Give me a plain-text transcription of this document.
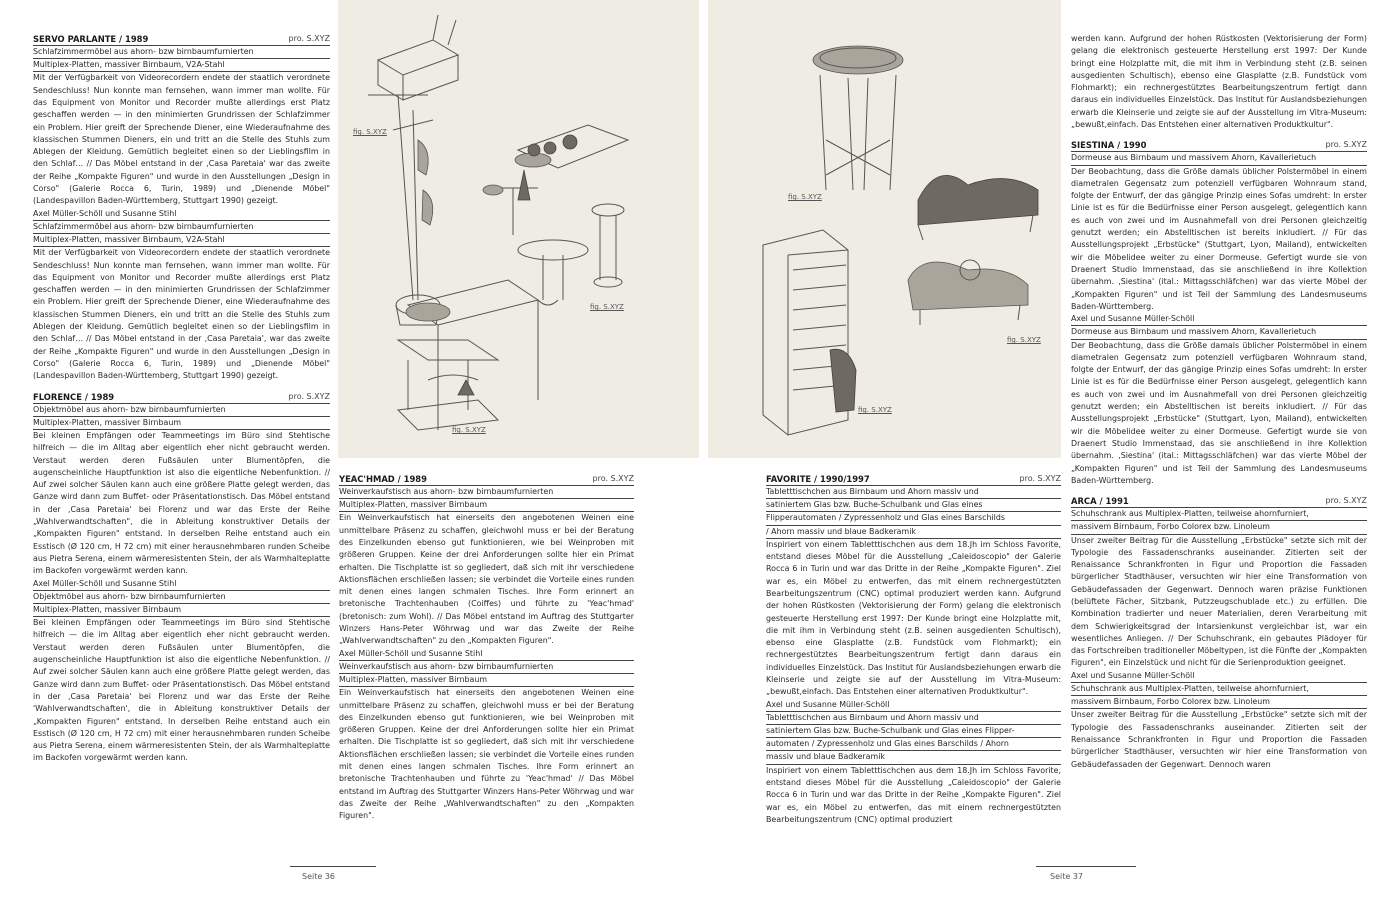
fig. S.XYZ
fig. S.XYZ
fig. S.XYZ
fig. S.XYZ
fig. S.XYZ
fig. S.XYZ
SERVO PARLANTE / 1989	pro. S.XYZ
Schlafzimmermöbel aus ahorn- bzw birnbaumfurnierten
Multiplex-Platten, massiver Birnbaum, V2A-Stahl

Mit der Verfügbarkeit von Videorecordern endete der staatlich verordnete Sendeschluss! Nun konnte man fernsehen, wann immer man wollte. Für das Equipment von Monitor und Recorder mußte allerdings erst Platz geschaffen werden — in den minimierten Grundrissen der Schlafzimmer ein Problem. Hier greift der Sprechende Diener, eine Wiederaufnahme des klassischen Stummen Dieners, ein und tritt an die Stelle des Stuhls zum Ablegen der Kleidung. Gemütlich begleitet einen so der Lieblingsfilm in den Schlaf… // Das Möbel entstand in der ,Casa Paretaia' war das zweite der Reihe „Kompakte Figuren" und wurde in den Ausstellungen „Design in Corso" (Galerie Rocca 6, Turin, 1989) und „Dienende Möbel" (Landespavillon Baden-Württemberg, Stuttgart 1990) gezeigt.

Axel Müller-Schöll und Susanne Stihl
Schlafzimmermöbel aus ahorn- bzw birnbaumfurnierten
Multiplex-Platten, massiver Birnbaum, V2A-Stahl

Mit der Verfügbarkeit von Videorecordern endete der staatlich verordnete Sendeschluss! Nun konnte man fernsehen, wann immer man wollte. Für das Equipment von Monitor und Recorder mußte allerdings erst Platz geschaffen werden — in den minimierten Grundrissen der Schlafzimmer ein Problem. Hier greift der Sprechende Diener, eine Wiederaufnahme des klassischen Stummen Dieners, ein und tritt an die Stelle des Stuhls zum Ablegen der Kleidung. Gemütlich begleitet einen so der Lieblingsfilm in den Schlaf… // Das Möbel entstand in der ,Casa Paretaia', war das zweite der Reihe „Kompakte Figuren" und wurde in den Ausstellungen „Design in Corso" (Galerie Rocca 6, Turin, 1989) und „Dienende Möbel" (Landespavillon Baden-Württemberg, Stuttgart 1990) gezeigt.

FLORENCE / 1989	pro. S.XYZ
Objektmöbel aus ahorn- bzw birnbaumfurnierten
Multiplex-Platten, massiver Birnbaum

Bei kleinen Empfängen oder Teammeetings im Büro sind Stehtische hilfreich — die im Alltag aber eigentlich eher nicht gebraucht werden. Verstaut werden deren Fußsäulen unter Blumentöpfen, die augenscheinliche Hauptfunktion ist also die eigentliche Nebenfunktion. // Auf zwei solcher Säulen kann auch eine größere Platte gelegt werden, das Ganze wird dann zum Buffet- oder Präsentationstisch. Das Möbel entstand in der ,Casa Paretaia' bei Florenz und war das Erste der Reihe „Wahlverwandtschaften", die in Ableitung konstruktiver Details der „Kompakten Figuren" entstand. In derselben Reihe entstand auch ein Esstisch (Ø 120 cm, H 72 cm) mit einer herausnehmbaren runden Scheibe aus Pietra Serena, einem wärmeresistenten Stein, der als Warmhalteplatte im Backofen vorgewärmt werden kann.

Axel Müller-Schöll und Susanne Stihl
Objektmöbel aus ahorn- bzw birnbaumfurnierten
Multiplex-Platten, massiver Birnbaum

Bei kleinen Empfängen oder Teammeetings im Büro sind Stehtische hilfreich — die im Alltag aber eigentlich eher nicht gebraucht werden. Verstaut werden deren Fußsäulen unter Blumentöpfen, die augenscheinliche Hauptfunktion ist also die eigentliche Nebenfunktion. // Auf zwei solcher Säulen kann auch eine größere Platte gelegt werden, das Ganze wird dann zum Buffet- oder Präsentationstisch. Das Möbel entstand in der ,Casa Paretaia' bei Florenz und war das Erste der Reihe 'Wahlverwandtschaften', die in Ableitung konstruktiver Details der „Kompakten Figuren" entstand. In derselben Reihe entstand auch ein Esstisch (Ø 120 cm, H 72 cm) mit einer herausnehmbaren runden Scheibe aus Pietra Serena, einem wärmeresistenten Stein, der als Warmhalteplatte im Backofen vorgewärmt werden kann.

YEAC'HMAD / 1989	pro. S.XYZ
Weinverkaufstisch aus ahorn- bzw birnbaumfurnierten
Multiplex-Platten, massiver Birnbaum

Ein Weinverkaufstisch hat einerseits den angebotenen Weinen eine unmittelbare Präsenz zu schaffen, gleichwohl muss er bei der Beratung des Einzelkunden ebenso gut funktionieren, wie bei Weinproben mit größeren Gruppen. Keine der drei Anforderungen sollte hier ein Primat erhalten. Die Tischplatte ist so gegliedert, daß sich mit ihr verschiedene Aktionsflächen erschließen lassen; sie verbindet die Vorteile eines runden mit denen eines langen schmalen Tisches. Ihre Form erinnert an bretonische Trachtenhauben (Coiffes) und führte zu 'Yeac'hmad' (bretonisch: zum Wohl). // Das Möbel entstand im Auftrag des Stuttgarter Winzers Hans-Peter Wöhrwag und war das Zweite der Reihe „Wahlverwandtschaften" zu den „Kompakten Figuren".

Axel Müller-Schöll und Susanne Stihl
Weinverkaufstisch aus ahorn- bzw birnbaumfurnierten
Multiplex-Platten, massiver Birnbaum

Ein Weinverkaufstisch hat einerseits den angebotenen Weinen eine unmittelbare Präsenz zu schaffen, gleichwohl muss er bei der Beratung des Einzelkunden ebenso gut funktionieren, wie bei Weinproben mit größeren Gruppen. Keine der drei Anforderungen sollte hier ein Primat erhalten. Die Tischplatte ist so gegliedert, daß sich mit ihr verschiedene Aktionsflächen erschließen lassen; sie verbindet die Vorteile eines runden mit denen eines langen schmalen Tisches. Ihre Form erinnert an bretonische Trachtenhauben und führte zu 'Yeac'hmad' // Das Möbel entstand im Auftrag des Stuttgarter Winzers Hans-Peter Wöhrwag und war das Zweite der Reihe „Wahlverwandtschaften" zu den „Kompakten Figuren".

FAVORITE / 1990/1997	pro. S.XYZ
Tabletttischchen aus Birnbaum und Ahorn massiv und
satiniertem Glas bzw. Buche-Schulbank und Glas eines
Flipperautomaten / Zypressenholz und Glas eines Barschilds
/ Ahorn massiv und blaue Badkeramik

Inspiriert von einem Tabletttischchen aus dem 18.Jh im Schloss Favorite, entstand dieses Möbel für die Ausstellung „Caleidoscopio" der Galerie Rocca 6 in Turin und war das Dritte in der Reihe „Kompakte Figuren". Ziel war es, ein Möbel zu entwerfen, das mit einem rechnergestützten Bearbeitungszentrum (CNC) optimal produziert werden kann. Aufgrund der hohen Rüstkosten (Vektorisierung der Form) gelang die elektronisch gesteuerte Herstellung erst 1997: Der Kunde bringt eine Holzplatte mit, die mit ihm in Verbindung steht (z.B. seinen ausgedienten Schultisch), ebenso eine Glasplatte (z.B. Fundstück vom Flohmarkt); ein rechnergestütztes Bearbeitungszentrum fertigt dann daraus ein individuelles Einzelstück. Das Institut für Auslandsbeziehungen erwarb die Kleinserie und zeigte sie auf der Ausstellung im Vitra-Museum: „bewußt,einfach. Das Entstehen einer alternativen Produktkultur".

Axel und Susanne Müller-Schöll
Tabletttischchen aus Birnbaum und Ahorn massiv und
satiniertem Glas bzw. Buche-Schulbank und Glas eines Flipper-
automaten / Zypressenholz und Glas eines Barschilds / Ahorn
massiv und blaue Badkeramik

Inspiriert von einem Tabletttischchen aus dem 18.Jh im Schloss Favorite, entstand dieses Möbel für die Ausstellung „Caleidoscopio" der Galerie Rocca 6 in Turin und war das Dritte in der Reihe „Kompakte Figuren". Ziel war es, ein Möbel zu entwerfen, das mit einem rechnergestützten Bearbeitungszentrum (CNC) optimal produziert

werden kann. Aufgrund der hohen Rüstkosten (Vektorisierung der Form) gelang die elektronisch gesteuerte Herstellung erst 1997: Der Kunde bringt eine Holzplatte mit, die mit ihm in Verbindung steht (z.B. seinen ausgedienten Schultisch), ebenso eine Glasplatte (z.B. Fundstück vom Flohmarkt); ein rechnergestütztes Bearbeitungszentrum fertigt dann daraus ein individuelles Einzelstück. Das Institut für Auslandsbeziehungen erwarb die Kleinserie und zeigte sie auf der Ausstellung im Vitra-Museum: „bewußt,einfach. Das Entstehen einer alternativen Produktkultur".

SIESTINA / 1990	pro. S.XYZ
Dormeuse aus Birnbaum und massivem Ahorn, Kavallerietuch

Der Beobachtung, dass die Größe damals üblicher Polstermöbel in einem diametralen Gegensatz zum potenziell verfügbaren Wohnraum stand, folgte der Entwurf, der das gängige Prinzip eines Sofas umdreht: In erster Linie ist es für die Bedürfnisse einer Person ausgelegt, gelegentlich kann es auch von zwei und im Ausnahmefall von drei Personen gleichzeitig genutzt werden; ein Abstelltischen ist bereits inkludiert. // Für das Ausstellungsprojekt „Erbstücke" (Stuttgart, Lyon, Mailand), entwickelten wir die Möbelidee weiter zu einer Dormeuse. Gefertigt wurde sie von Draenert Studio Immenstaad, das sie anschließend in ihre Kollektion übernahm. ,Siestina' (ital.: Mittagsschläfchen) war das vierte Möbel der „Kompakten Figuren" und ist Teil der Sammlung des Landesmuseums Baden-Württemberg.

Axel und Susanne Müller-Schöll
Dormeuse aus Birnbaum und massivem Ahorn, Kavallerietuch

Der Beobachtung, dass die Größe damals üblicher Polstermöbel in einem diametralen Gegensatz zum potenziell verfügbaren Wohnraum stand, folgte der Entwurf, der das gängige Prinzip eines Sofas umdreht: In erster Linie ist es für die Bedürfnisse einer Person ausgelegt, gelegentlich kann es auch von zwei und im Ausnahmefall von drei Personen gleichzeitig genutzt werden; ein Abstelltischen ist bereits inkludiert. // Für das Ausstellungsprojekt „Erbstücke" (Stuttgart, Lyon, Mailand), entwickelten wir die Möbelidee weiter zu einer Dormeuse. Gefertigt wurde sie von Draenert Studio Immenstaad, das sie anschließend in ihre Kollektion übernahm. ,Siestina' (ital.: Mittagsschläfchen) war das vierte Möbel der „Kompakten Figuren" und ist Teil der Sammlung des Landesmuseums Baden-Württemberg.

ARCA / 1991	pro. S.XYZ
Schuhschrank aus Multiplex-Platten, teilweise ahornfurniert,
massivem Birnbaum, Forbo Colorex bzw. Linoleum

Unser zweiter Beitrag für die Ausstellung „Erbstücke" setzte sich mit der Typologie des Fassadenschranks auseinander. Zitierten seit der Renaissance Schrankfronten in Figur und Proportion die Fassaden bürgerlicher Stadthäuser, versuchten wir hier eine Transformation von Gebäudefassaden der Gegenwart. Dennoch waren präzise Funktionen (belüftete Fächer, Sitzbank, Putzzeugschublade etc.) zu erfüllen. Die Kombination tradierter und neuer Materialien, deren Verarbeitung mit dem Schwierigkeitsgrad der Intarsienkunst vergleichbar ist, war ein wesentliches Anliegen. // Der Schuhschrank, ein gebautes Plädoyer für das Fortschreiben traditioneller Möbeltypen, ist die Fünfte der „Kompakten Figuren", ein Einzelstück und nicht für die Serienproduktion geeignet.

Axel und Susanne Müller-Schöll
Schuhschrank aus Multiplex-Platten, teilweise ahornfurniert,
massivem Birnbaum, Forbo Colorex bzw. Linoleum

Unser zweiter Beitrag für die Ausstellung „Erbstücke" setzte sich mit der Typologie des Fassadenschranks auseinander. Zitierten seit der Renaissance Schrankfronten in Figur und Proportion die Fassaden bürgerlicher Stadthäuser, versuchten wir hier eine Transformation von Gebäudefassaden der Gegenwart. Dennoch waren

Seite 36	Seite 37
